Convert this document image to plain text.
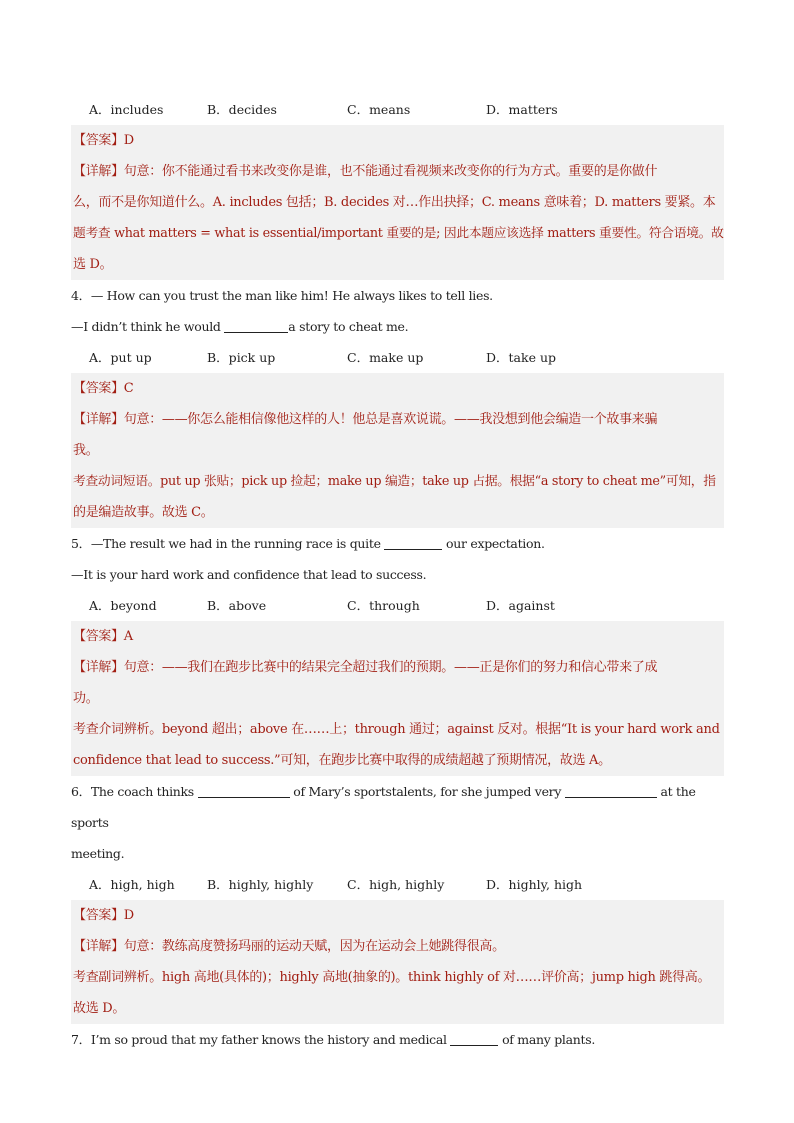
A．includes	B．decides	C．means	D．matters
【答案】D
【详解】句意：你不能通过看书来改变你是谁，也不能通过看视频来改变你的行为方式。重要的是你做什
么，而不是你知道什么。A. includes 包括；B. decides 对…作出抉择；C. means 意味着；D. matters 要紧。本
题考查 what matters = what is essential/important 重要的是; 因此本题应该选择 matters 重要性。符合语境。故
选 D。
4．— How can you trust the man like him! He always likes to tell lies.
—I didn’t think he would	a story to cheat me.
A．put up	B．pick up	C．make up	D．take up
【答案】C
【详解】句意：——你怎么能相信像他这样的人！他总是喜欢说谎。——我没想到他会编造一个故事来骗
我。
考查动词短语。put up 张贴；pick up 捡起；make up 编造；take up 占据。根据“a story to cheat me”可知，指
的是编造故事。故选 C。
5．—The result we had in the running race is quite	our expectation.
—It is your hard work and confidence that lead to success.
A．beyond	B．above	C．through	D．against
【答案】A
【详解】句意：——我们在跑步比赛中的结果完全超过我们的预期。——正是你们的努力和信心带来了成
功。
考查介词辨析。beyond 超出；above 在……上；through 通过；against 反对。根据“It is your hard work and
confidence that lead to success.”可知，在跑步比赛中取得的成绩超越了预期情况，故选 A。
6．The coach thinks	of Mary’s sportstalents, for she jumped very	at the sports
meeting.
A．high, high	B．highly, highly	C．high, highly	D．highly, high
【答案】D
【详解】句意：教练高度赞扬玛丽的运动天赋，因为在运动会上她跳得很高。
考查副词辨析。high 高地(具体的)；highly 高地(抽象的)。think highly of 对……评价高；jump high 跳得高。
故选 D。
7．I’m so proud that my father knows the history and medical	of many plants.
